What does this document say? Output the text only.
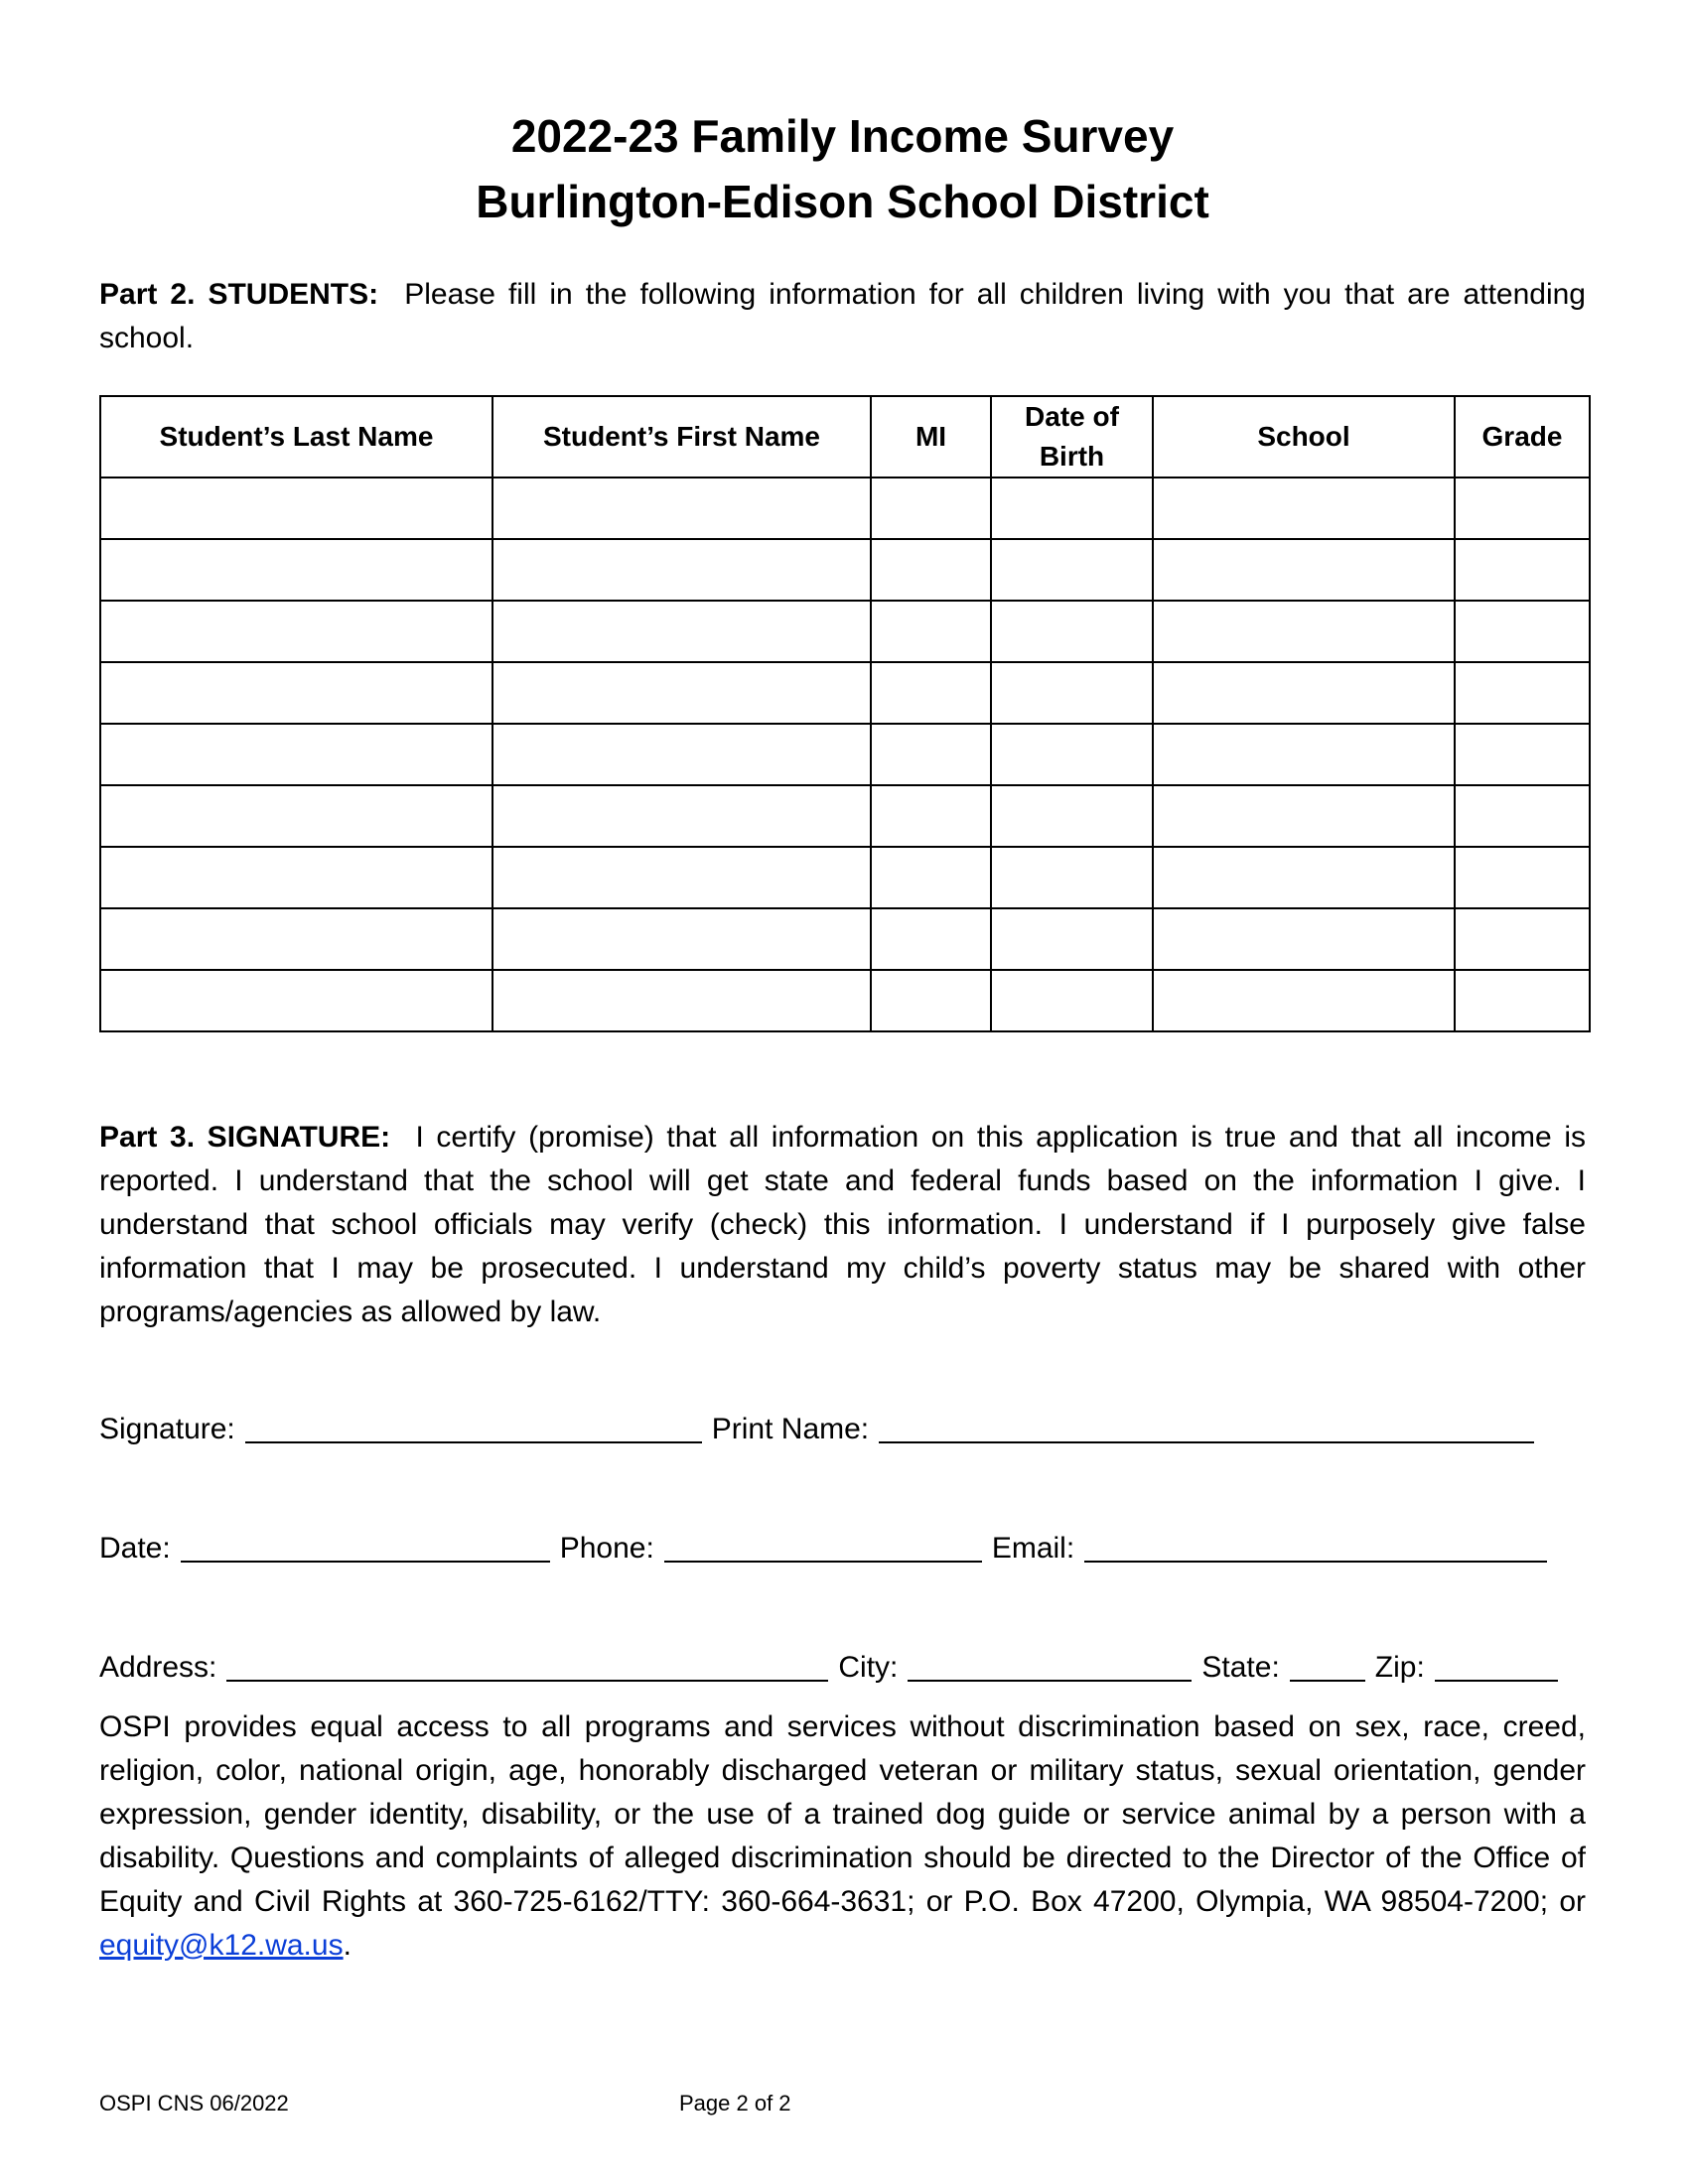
2022-23 Family Income Survey
Burlington-Edison School District
Part 2. STUDENTS: Please fill in the following information for all children living with you that are attending school.
Student’s Last Name	Student’s First Name	MI	Date of Birth	School	Grade

Part 3. SIGNATURE: I certify (promise) that all information on this application is true and that all income is reported. I understand that the school will get state and federal funds based on the information I give. I understand that school officials may verify (check) this information. I understand if I purposely give false information that I may be prosecuted. I understand my child’s poverty status may be shared with other programs/agencies as allowed by law.
Signature:	Print Name:
Date:	Phone:	Email:
Address:	City:	State:	Zip:
OSPI provides equal access to all programs and services without discrimination based on sex, race, creed, religion, color, national origin, age, honorably discharged veteran or military status, sexual orientation, gender expression, gender identity, disability, or the use of a trained dog guide or service animal by a person with a disability. Questions and complaints of alleged discrimination should be directed to the Director of the Office of Equity and Civil Rights at 360-725-6162/TTY: 360-664-3631; or P.O. Box 47200, Olympia, WA 98504-7200; or equity@k12.wa.us.
OSPI CNS 06/2022	Page 2 of 2
